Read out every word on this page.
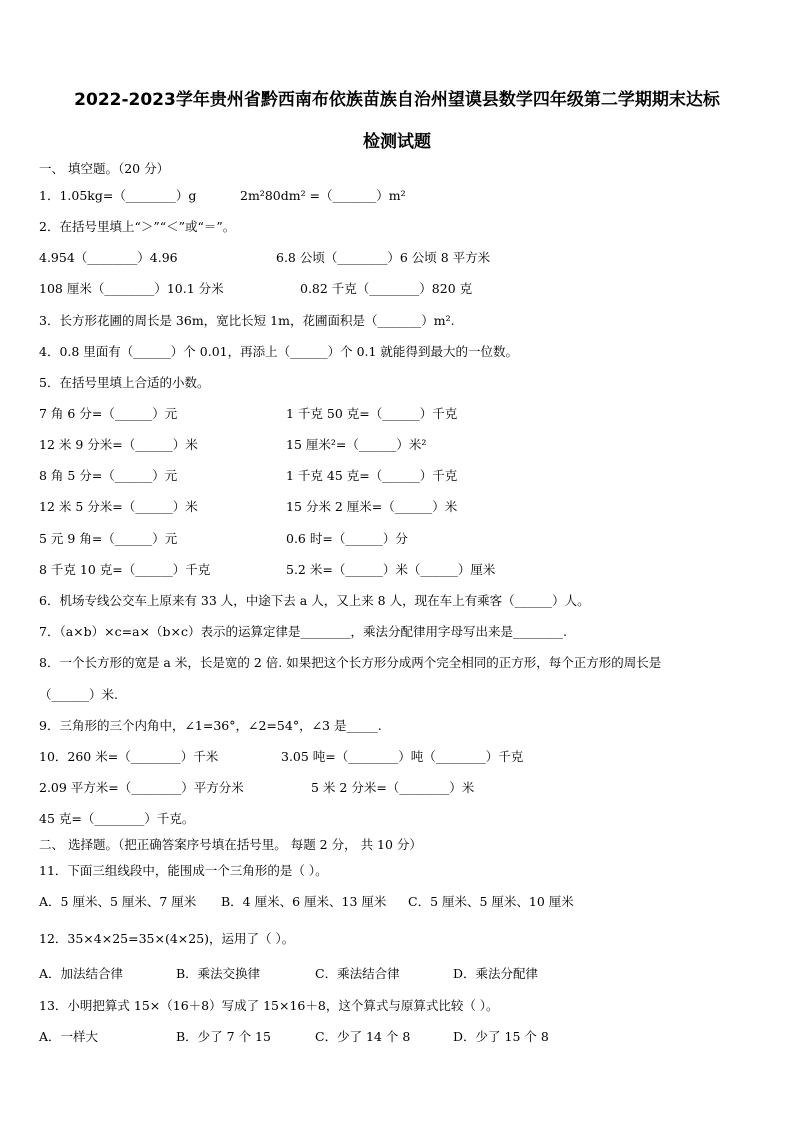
2022-2023学年贵州省黔西南布依族苗族自治州望谟县数学四年级第二学期期末达标
检测试题
一、 填空题。（20 分）
1．1.05kg=（________）g	2m²80dm² =（_______）m²
2．在括号里填上“＞”“＜”或“＝”。
4.954（________）4.96	6.8 公顷（________）6 公顷 8 平方米
108 厘米（________）10.1 分米	0.82 千克（________）820 克
3．长方形花圃的周长是 36m，宽比长短 1m，花圃面积是（_______）m².
4．0.8 里面有（______）个 0.01，再添上（______）个 0.1 就能得到最大的一位数。
5．在括号里填上合适的小数。
7 角 6 分=（______）元	1 千克 50 克=（______）千克
12 米 9 分米=（______）米	15 厘米²=（______）米²
8 角 5 分=（______）元	1 千克 45 克=（______）千克
12 米 5 分米=（______）米	15 分米 2 厘米=（______）米
5 元 9 角=（______）元	0.6 时=（______）分
8 千克 10 克=（______）千克	5.2 米=（______）米（______）厘米
6．机场专线公交车上原来有 33 人，中途下去 a 人，又上来 8 人，现在车上有乘客（______）人。
7．（a×b）×c=a×（b×c）表示的运算定律是________，乘法分配律用字母写出来是________.
8．一个长方形的宽是 a 米，长是宽的 2 倍. 如果把这个长方形分成两个完全相同的正方形，每个正方形的周长是
（______）米.
9．三角形的三个内角中，∠1=36°，∠2=54°，∠3 是_____.
10．260 米=（________）千米	3.05 吨=（________）吨（________）千克
2.09 平方米=（________）平方分米	5 米 2 分米=（________）米
45 克=（________）千克。
二、 选择题。（把正确答案序号填在括号里。 每题 2 分， 共 10 分）
11．下面三组线段中，能围成一个三角形的是（ ）。
A．5 厘米、5 厘米、7 厘米 B．4 厘米、6 厘米、13 厘米 C．5 厘米、5 厘米、10 厘米
12．35×4×25=35×(4×25)，运用了（ ）。
A．加法结合律	B．乘法交换律	C．乘法结合律	D．乘法分配律
13．小明把算式 15×（16＋8）写成了 15×16＋8，这个算式与原算式比较（ ）。
A．一样大	B．少了 7 个 15	C．少了 14 个 8	D．少了 15 个 8
